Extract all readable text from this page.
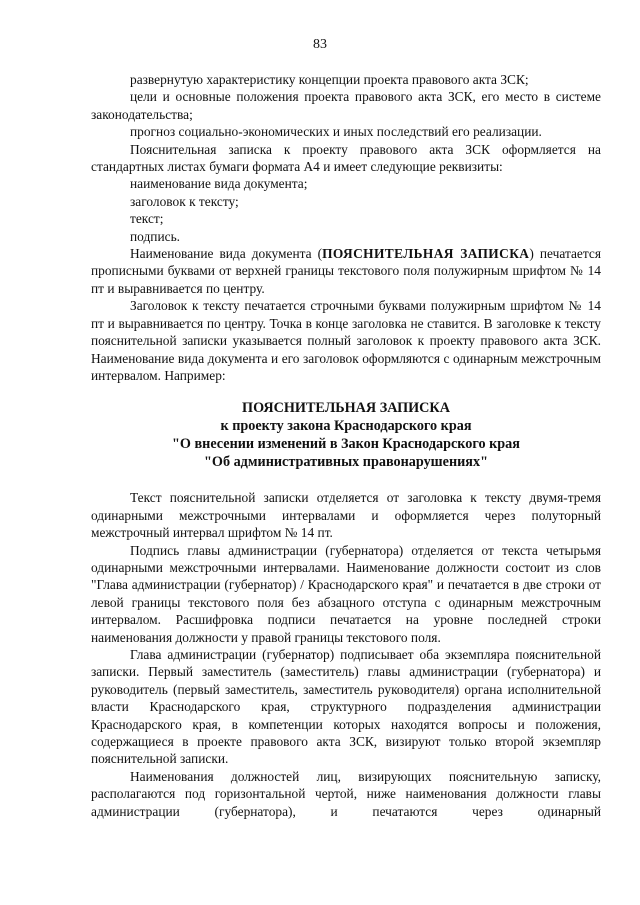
83

развернутую характеристику концепции проекта правового акта ЗСК;

цели и основные положения проекта правового акта ЗСК, его место в системе законодательства;

прогноз социально-экономических и иных последствий его реализации.

Пояснительная записка к проекту правового акта ЗСК оформляется на стандартных листах бумаги формата А4 и имеет следующие реквизиты:

наименование вида документа;

заголовок к тексту;

текст;

подпись.

Наименование вида документа (ПОЯСНИТЕЛЬНАЯ ЗАПИСКА) печатается прописными буквами от верхней границы текстового поля полужирным шрифтом № 14 пт и выравнивается по центру.

Заголовок к тексту печатается строчными буквами полужирным шрифтом № 14 пт и выравнивается по центру. Точка в конце заголовка не ставится. В заголовке к тексту пояснительной записки указывается полный заголовок к проекту правового акта ЗСК. Наименование вида документа и его заголовок оформляются с одинарным межстрочным интервалом. Например:

ПОЯСНИТЕЛЬНАЯ ЗАПИСКА

к проекту закона Краснодарского края

"О внесении изменений в Закон Краснодарского края

"Об административных правонарушениях"

Текст пояснительной записки отделяется от заголовка к тексту двумя-тремя одинарными межстрочными интервалами и оформляется через полуторный межстрочный интервал шрифтом № 14 пт.

Подпись главы администрации (губернатора) отделяется от текста четырьмя одинарными межстрочными интервалами. Наименование должности состоит из слов "Глава администрации (губернатор) / Краснодарского края" и печатается в две строки от левой границы текстового поля без абзацного отступа с одинарным межстрочным интервалом. Расшифровка подписи печатается на уровне последней строки наименования должности у правой границы текстового поля.

Глава администрации (губернатор) подписывает оба экземпляра пояснительной записки. Первый заместитель (заместитель) главы администрации (губернатора) и руководитель (первый заместитель, заместитель руководителя) органа исполнительной власти Краснодарского края, структурного подразделения администрации Краснодарского края, в компетенции которых находятся вопросы и положения, содержащиеся в проекте правового акта ЗСК, визируют только второй экземпляр пояснительной записки.

Наименования должностей лиц, визирующих пояснительную записку, располагаются под горизонтальной чертой, ниже наименования должности главы администрации (губернатора), и печатаются через одинарный
